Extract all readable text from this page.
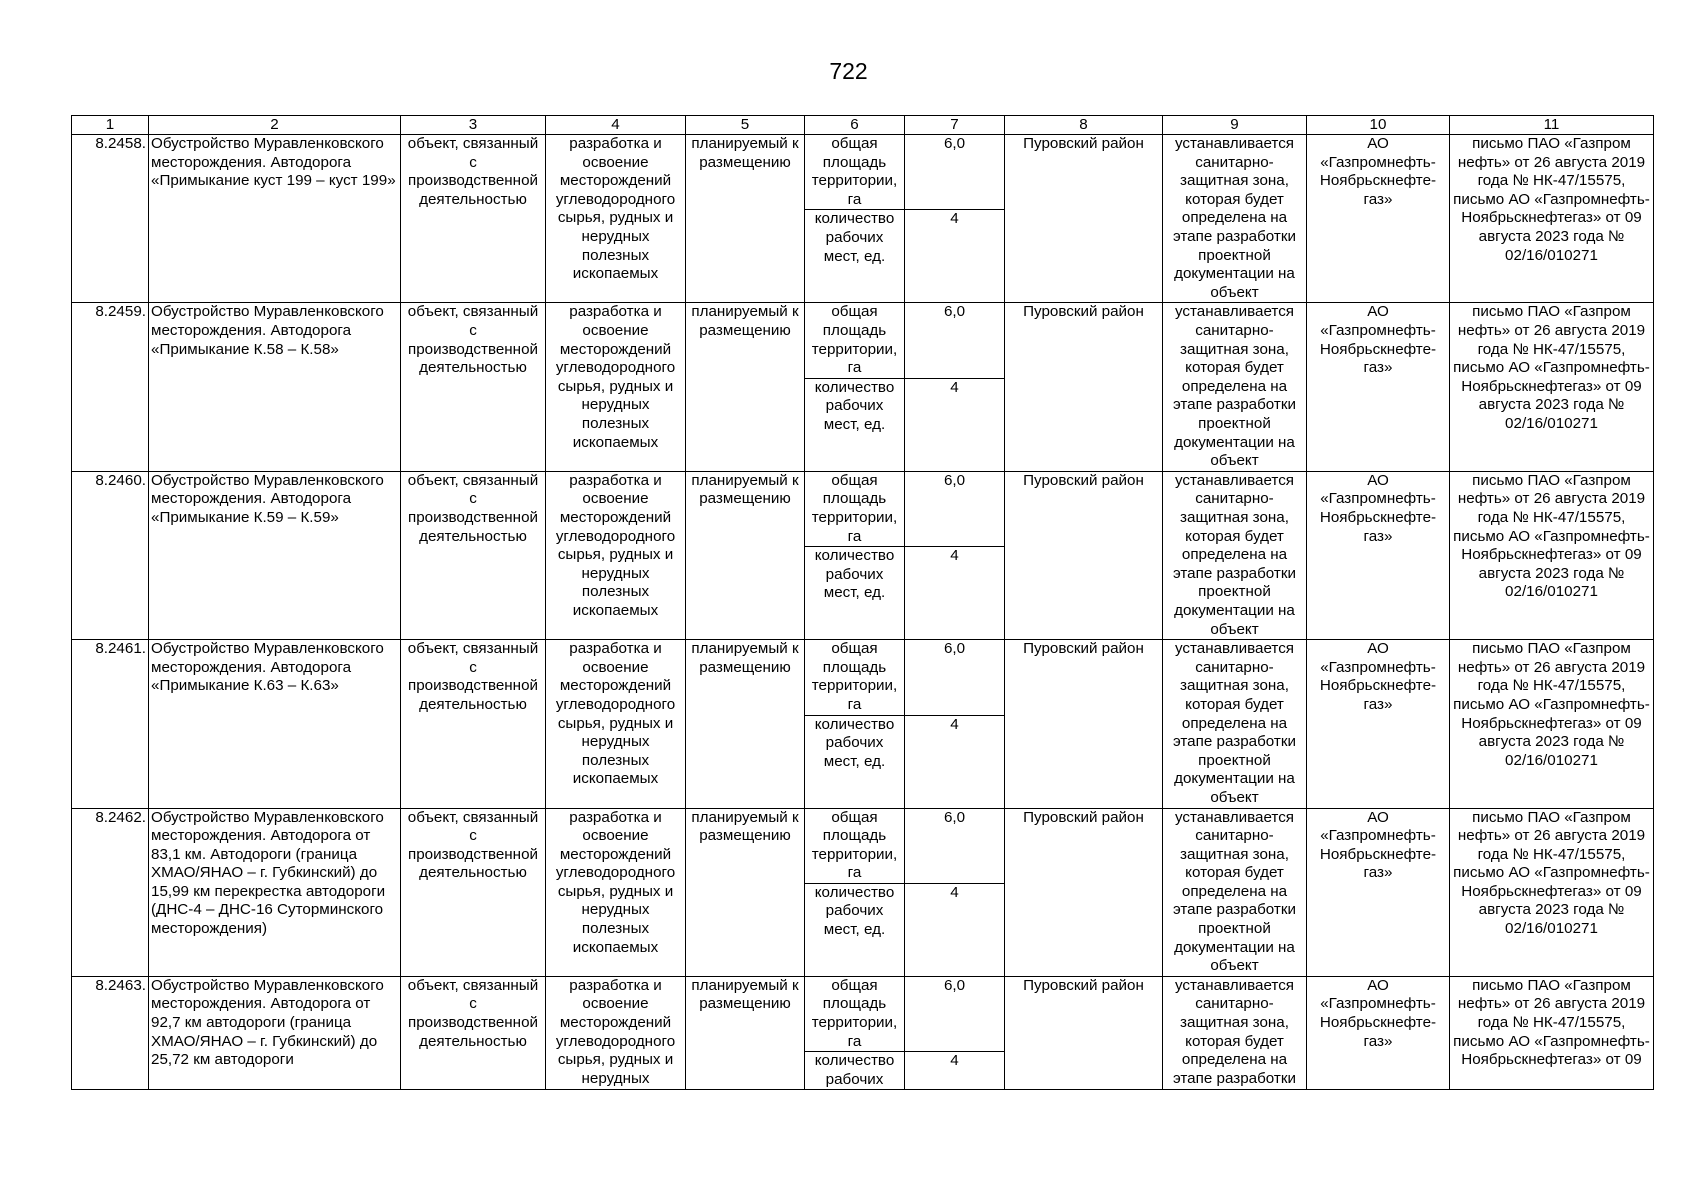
722
1	2	3	4	5	6	7	8	9	10	11
8.2458.	Обустройство Муравленковского месторождения. Автодорога «Примыкание куст 199 – куст 199»	объект, связанный с производственной деятельностью	разработка и освоение месторождений углеводородного сырья, рудных и нерудных полезных ископаемых	планируемый к размещению	общая площадь территории, га	6,0	Пуровский район	устанавливается санитарно-защитная зона, которая будет определена на этапе разработки проектной документации на объект	АО «Газпромнефть-Ноябрьскнефте-газ»	письмо ПАО «Газпром нефть» от 26 августа 2019 года № НК-47/15575, письмо АО «Газпромнефть-Ноябрьскнефтегаз» от 09 августа 2023 года № 02/16/010271
					количество рабочих мест, ед.	4				
8.2459.	Обустройство Муравленковского месторождения. Автодорога «Примыкание К.58 – К.58»	объект, связанный с производственной деятельностью	разработка и освоение месторождений углеводородного сырья, рудных и нерудных полезных ископаемых	планируемый к размещению	общая площадь территории, га	6,0	Пуровский район	устанавливается санитарно-защитная зона, которая будет определена на этапе разработки проектной документации на объект	АО «Газпромнефть-Ноябрьскнефте-газ»	письмо ПАО «Газпром нефть» от 26 августа 2019 года № НК-47/15575, письмо АО «Газпромнефть-Ноябрьскнефтегаз» от 09 августа 2023 года № 02/16/010271
					количество рабочих мест, ед.	4				
8.2460.	Обустройство Муравленковского месторождения. Автодорога «Примыкание К.59 – К.59»	объект, связанный с производственной деятельностью	разработка и освоение месторождений углеводородного сырья, рудных и нерудных полезных ископаемых	планируемый к размещению	общая площадь территории, га	6,0	Пуровский район	устанавливается санитарно-защитная зона, которая будет определена на этапе разработки проектной документации на объект	АО «Газпромнефть-Ноябрьскнефте-газ»	письмо ПАО «Газпром нефть» от 26 августа 2019 года № НК-47/15575, письмо АО «Газпромнефть-Ноябрьскнефтегаз» от 09 августа 2023 года № 02/16/010271
					количество рабочих мест, ед.	4				
8.2461.	Обустройство Муравленковского месторождения. Автодорога «Примыкание К.63 – К.63»	объект, связанный с производственной деятельностью	разработка и освоение месторождений углеводородного сырья, рудных и нерудных полезных ископаемых	планируемый к размещению	общая площадь территории, га	6,0	Пуровский район	устанавливается санитарно-защитная зона, которая будет определена на этапе разработки проектной документации на объект	АО «Газпромнефть-Ноябрьскнефте-газ»	письмо ПАО «Газпром нефть» от 26 августа 2019 года № НК-47/15575, письмо АО «Газпромнефть-Ноябрьскнефтегаз» от 09 августа 2023 года № 02/16/010271
					количество рабочих мест, ед.	4				
8.2462.	Обустройство Муравленковского месторождения. Автодорога от 83,1 км. Автодороги (граница ХМАО/ЯНАО – г. Губкинский) до 15,99 км перекрестка автодороги (ДНС-4 – ДНС-16 Суторминского месторождения)	объект, связанный с производственной деятельностью	разработка и освоение месторождений углеводородного сырья, рудных и нерудных полезных ископаемых	планируемый к размещению	общая площадь территории, га	6,0	Пуровский район	устанавливается санитарно-защитная зона, которая будет определена на этапе разработки проектной документации на объект	АО «Газпромнефть-Ноябрьскнефте-газ»	письмо ПАО «Газпром нефть» от 26 августа 2019 года № НК-47/15575, письмо АО «Газпромнефть-Ноябрьскнефтегаз» от 09 августа 2023 года № 02/16/010271
					количество рабочих мест, ед.	4				
8.2463.	Обустройство Муравленковского месторождения. Автодорога от 92,7 км автодороги (граница ХМАО/ЯНАО – г. Губкинский) до 25,72 км автодороги	объект, связанный с производственной деятельностью	разработка и освоение месторождений углеводородного сырья, рудных и нерудных	планируемый к размещению	общая площадь территории, га	6,0	Пуровский район	устанавливается санитарно-защитная зона, которая будет определена на этапе разработки	АО «Газпромнефть-Ноябрьскнефте-газ»	письмо ПАО «Газпром нефть» от 26 августа 2019 года № НК-47/15575, письмо АО «Газпромнефть-Ноябрьскнефтегаз» от 09
					количество рабочих	4				
